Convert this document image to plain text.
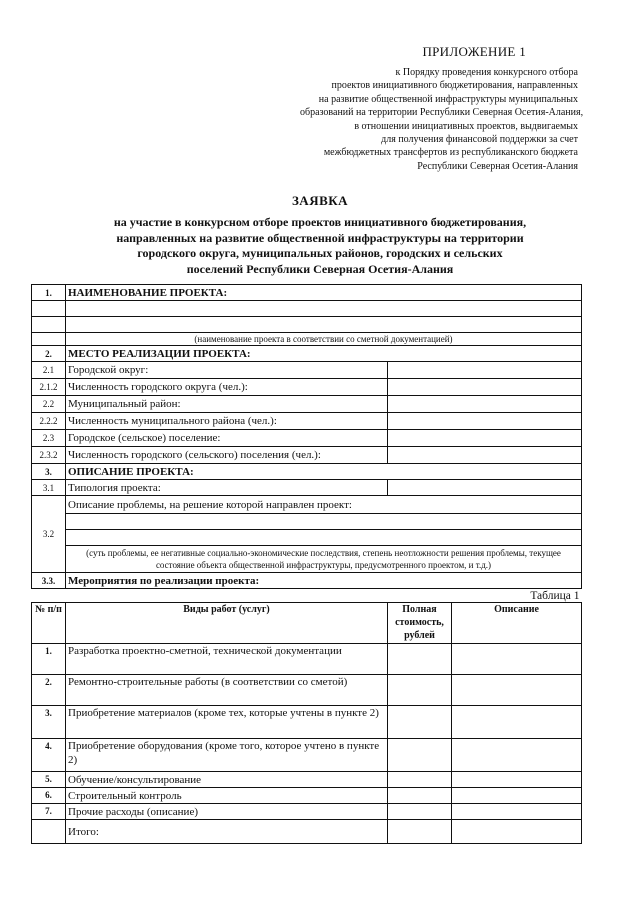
ПРИЛОЖЕНИЕ 1
к Порядку проведения конкурсного отбора
проектов инициативного бюджетирования, направленных
на развитие общественной инфраструктуры муниципальных
образований на территории Республики Северная Осетия-Алания,
в отношении инициативных проектов, выдвигаемых
для получения финансовой поддержки за счет
межбюджетных трансфертов из республиканского бюджета
Республики Северная Осетия-Алания
ЗАЯВКА
на участие в конкурсном отборе проектов инициативного бюджетирования,
направленных на развитие общественной инфраструктуры на территории
городского округа, муниципальных районов, городских и сельских
поселений Республики Северная Осетия-Алания
1.	НАИМЕНОВАНИЕ ПРОЕКТА:		

	(наименование проекта в соответствии со сметной документацией)		
2.	МЕСТО РЕАЛИЗАЦИИ ПРОЕКТА:		
2.1	Городской округ:		
2.1.2	Численность городского округа (чел.):		
2.2	Муниципальный район:		
2.2.2	Численность муниципального района (чел.):		
2.3	Городское (сельское) поселение:		
2.3.2	Численность городского (сельского) поселения (чел.):		
3.	ОПИСАНИЕ ПРОЕКТА:		
3.1	Типология проекта:		
3.2	Описание проблемы, на решение которой направлен проект:		

	(суть проблемы, ее негативные социально-экономические последствия, степень неотложности решения проблемы, текущее состояние объекта общественной инфраструктуры, предусмотренного проектом, и т.д.)		
3.3.	Мероприятия по реализации проекта:		
Таблица 1			
№ п/п	Виды работ (услуг)	Полная стоимость, рублей	Описание
1.	Разработка проектно-сметной, технической документации		
2.	Ремонтно-строительные работы (в соответствии со сметой)		
3.	Приобретение материалов (кроме тех, которые учтены в пункте 2)		
4.	Приобретение оборудования (кроме того, которое учтено в пункте 2)		
5.	Обучение/консультирование		
6.	Строительный контроль		
7.	Прочие расходы (описание)		
	Итого:		
